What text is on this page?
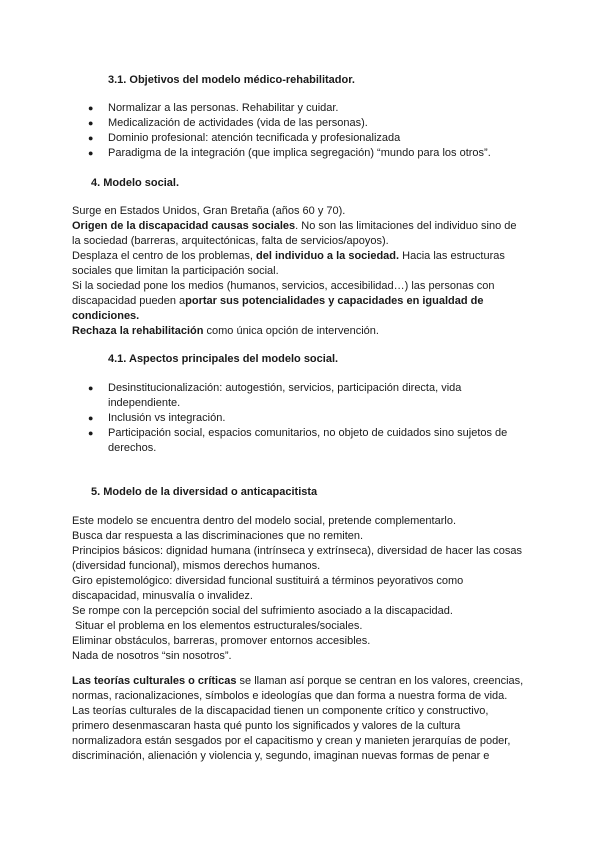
3.1. Objetivos del modelo médico-rehabilitador.
● Normalizar a las personas. Rehabilitar y cuidar.
● Medicalización de actividades (vida de las personas).
● Dominio profesional: atención tecnificada y profesionalizada
● Paradigma de la integración (que implica segregación) “mundo para los otros”.
4. Modelo social.
Surge en Estados Unidos, Gran Bretaña (años 60 y 70).
Origen de la discapacidad causas sociales. No son las limitaciones del individuo sino de
la sociedad (barreras, arquitectónicas, falta de servicios/apoyos).
Desplaza el centro de los problemas, del individuo a la sociedad. Hacia las estructuras
sociales que limitan la participación social.
Si la sociedad pone los medios (humanos, servicios, accesibilidad…) las personas con
discapacidad pueden aportar sus potencialidades y capacidades en igualdad de
condiciones.
Rechaza la rehabilitación como única opción de intervención.
4.1. Aspectos principales del modelo social.
● Desinstitucionalización: autogestión, servicios, participación directa, vida
independiente.
● Inclusión vs integración.
● Participación social, espacios comunitarios, no objeto de cuidados sino sujetos de
derechos.
5. Modelo de la diversidad o anticapacitista
Este modelo se encuentra dentro del modelo social, pretende complementarlo.
Busca dar respuesta a las discriminaciones que no remiten.
Principios básicos: dignidad humana (intrínseca y extrínseca), diversidad de hacer las cosas
(diversidad funcional), mismos derechos humanos.
Giro epistemológico: diversidad funcional sustituirá a términos peyorativos como
discapacidad, minusvalía o invalidez.
Se rompe con la percepción social del sufrimiento asociado a la discapacidad.
Situar el problema en los elementos estructurales/sociales.
Eliminar obstáculos, barreras, promover entornos accesibles.
Nada de nosotros “sin nosotros”.
Las teorías culturales o críticas se llaman así porque se centran en los valores, creencias,
normas, racionalizaciones, símbolos e ideologías que dan forma a nuestra forma de vida.
Las teorías culturales de la discapacidad tienen un componente crítico y constructivo,
primero desenmascaran hasta qué punto los significados y valores de la cultura
normalizadora están sesgados por el capacitismo y crean y manieten jerarquías de poder,
discriminación, alienación y violencia y, segundo, imaginan nuevas formas de penar e
